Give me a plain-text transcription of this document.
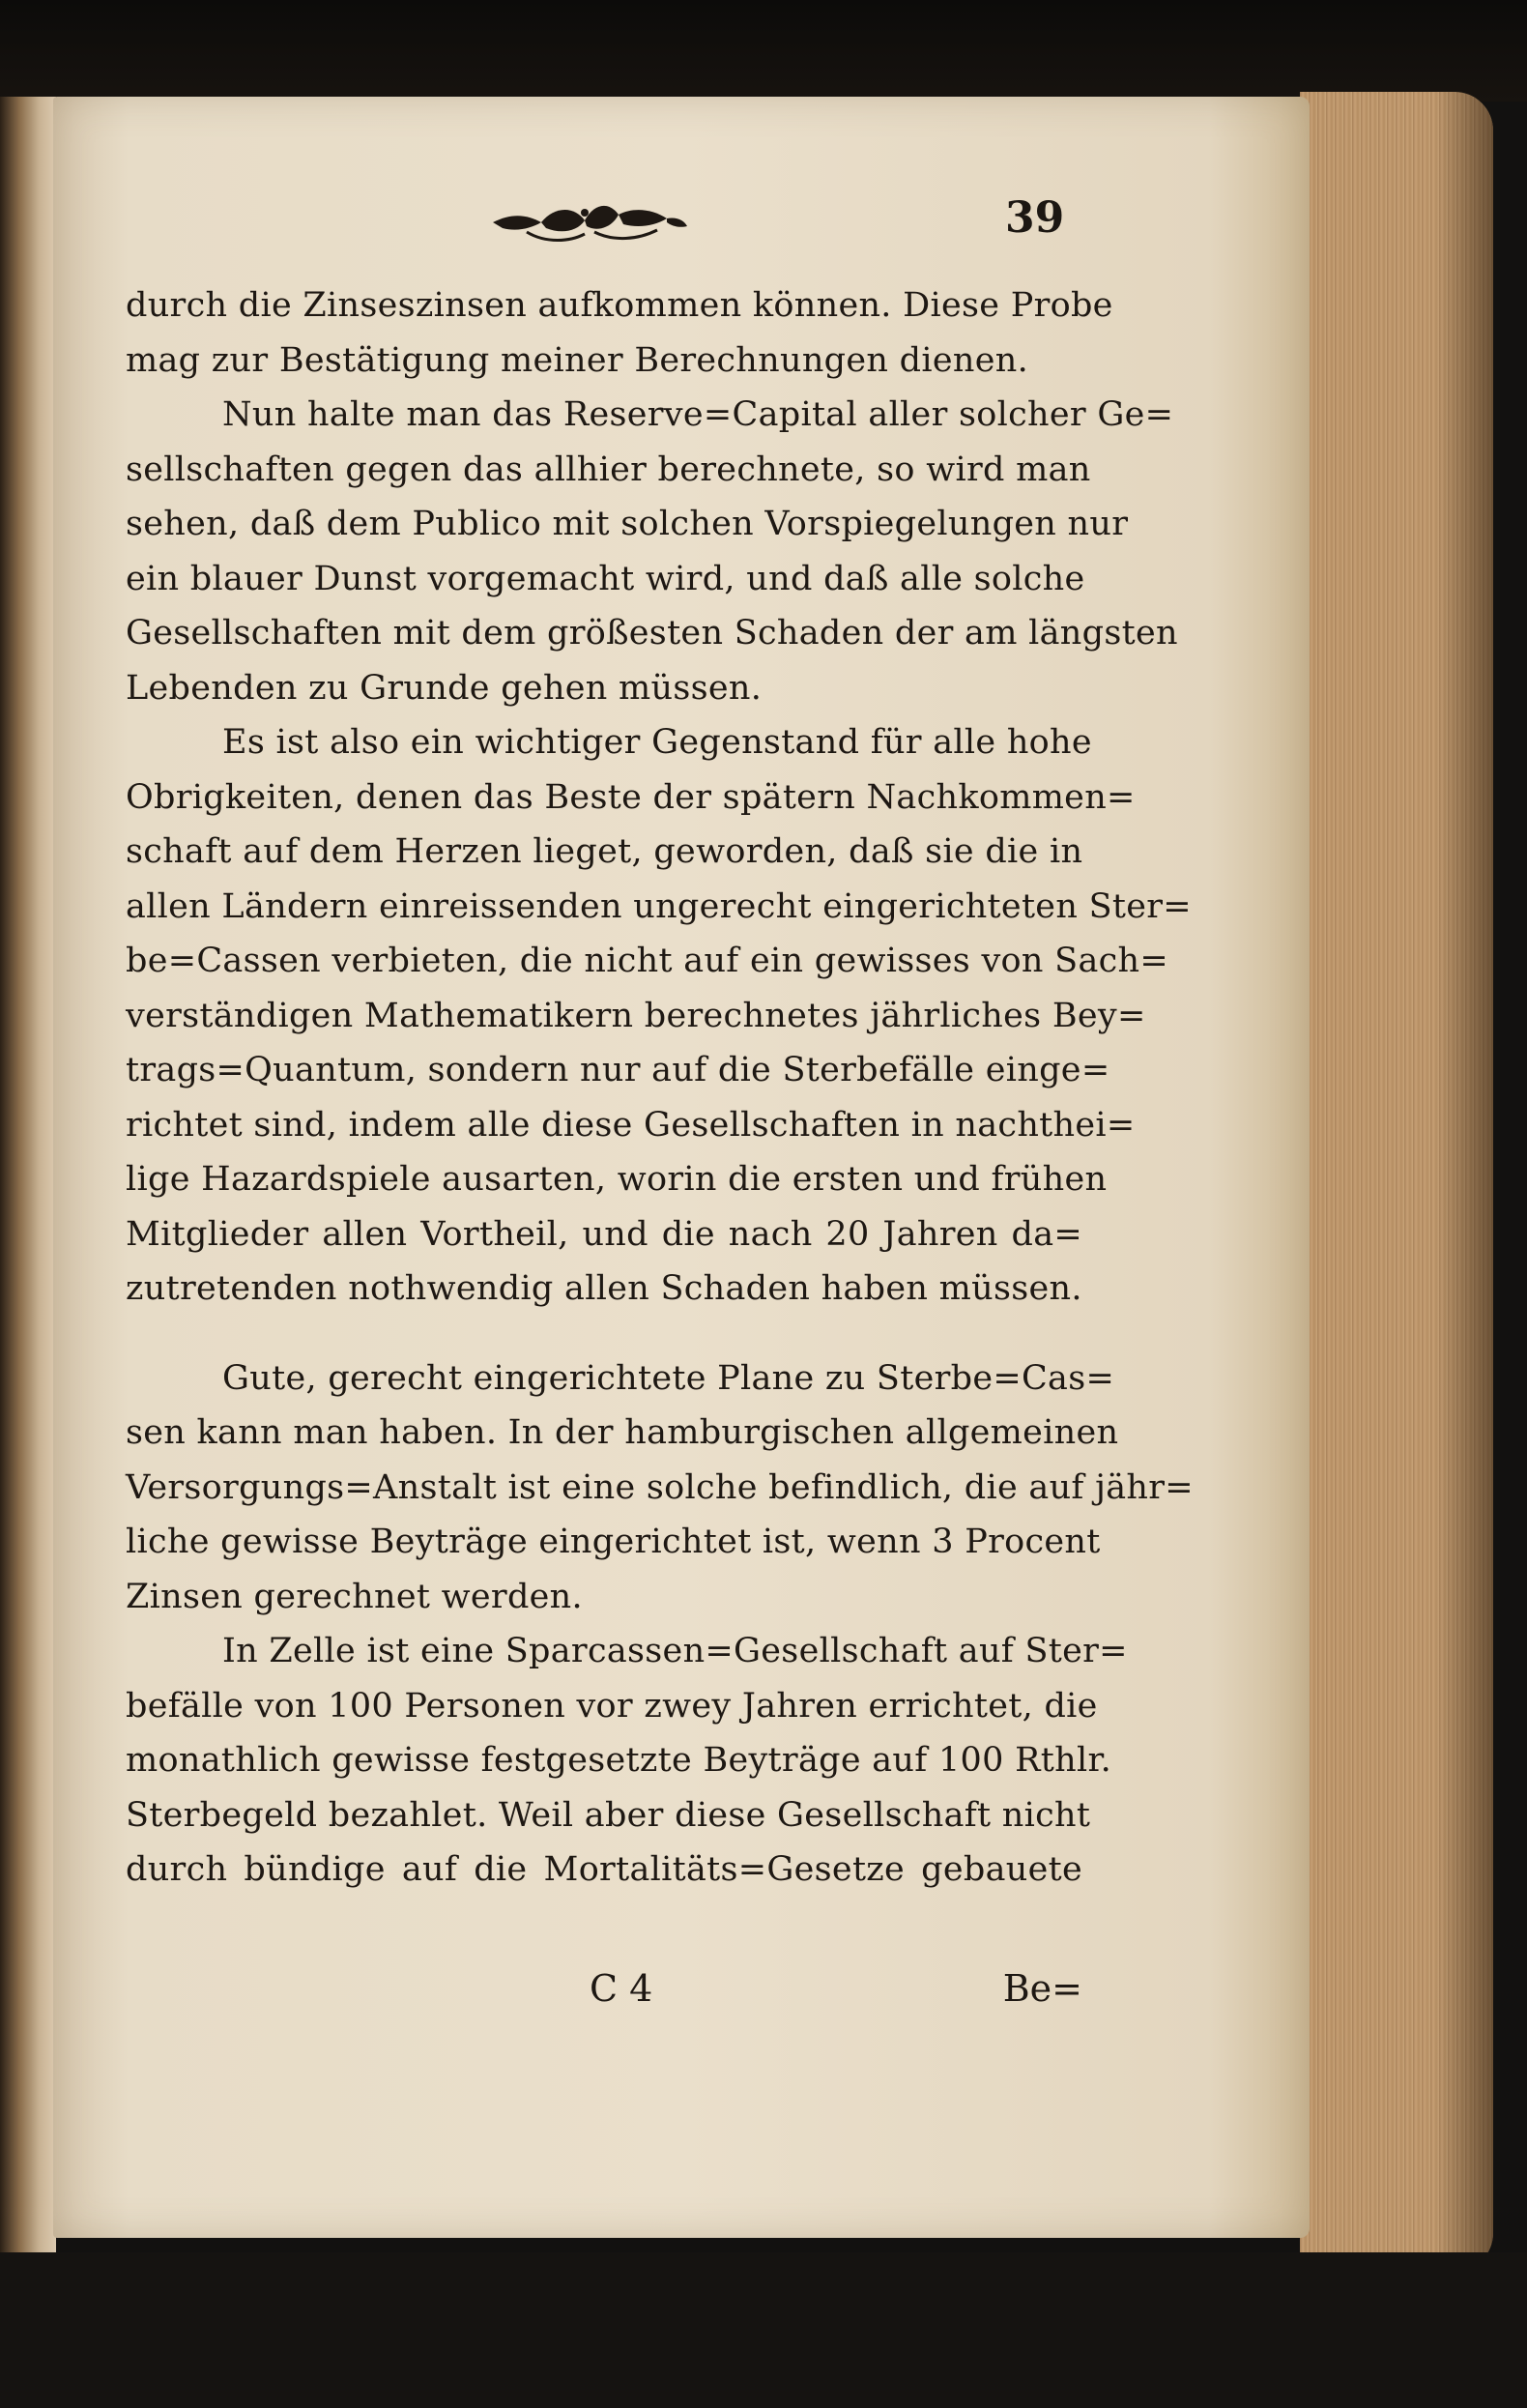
39
durch die Zinseszinsen aufkommen können. Diese Probe
mag zur Bestätigung meiner Berechnungen dienen.
Nun halte man das Reserve=Capital aller solcher Ge=
sellschaften gegen das allhier berechnete, so wird man
sehen, daß dem Publico mit solchen Vorspiegelungen nur
ein blauer Dunst vorgemacht wird, und daß alle solche
Gesellschaften mit dem größesten Schaden der am längsten
Lebenden zu Grunde gehen müssen.
Es ist also ein wichtiger Gegenstand für alle hohe
Obrigkeiten, denen das Beste der spätern Nachkommen=
schaft auf dem Herzen lieget, geworden, daß sie die in
allen Ländern einreissenden ungerecht eingerichteten Ster=
be=Cassen verbieten, die nicht auf ein gewisses von Sach=
verständigen Mathematikern berechnetes jährliches Bey=
trags=Quantum, sondern nur auf die Sterbefälle einge=
richtet sind, indem alle diese Gesellschaften in nachthei=
lige Hazardspiele ausarten, worin die ersten und frühen
Mitglieder allen Vortheil, und die nach 20 Jahren da=
zutretenden nothwendig allen Schaden haben müssen.
Gute, gerecht eingerichtete Plane zu Sterbe=Cas=
sen kann man haben. In der hamburgischen allgemeinen
Versorgungs=Anstalt ist eine solche befindlich, die auf jähr=
liche gewisse Beyträge eingerichtet ist, wenn 3 Procent
Zinsen gerechnet werden.
In Zelle ist eine Sparcassen=Gesellschaft auf Ster=
befälle von 100 Personen vor zwey Jahren errichtet, die
monathlich gewisse festgesetzte Beyträge auf 100 Rthlr.
Sterbegeld bezahlet. Weil aber diese Gesellschaft nicht
durch bündige auf die Mortalitäts=Gesetze gebauete
C 4	Be=
